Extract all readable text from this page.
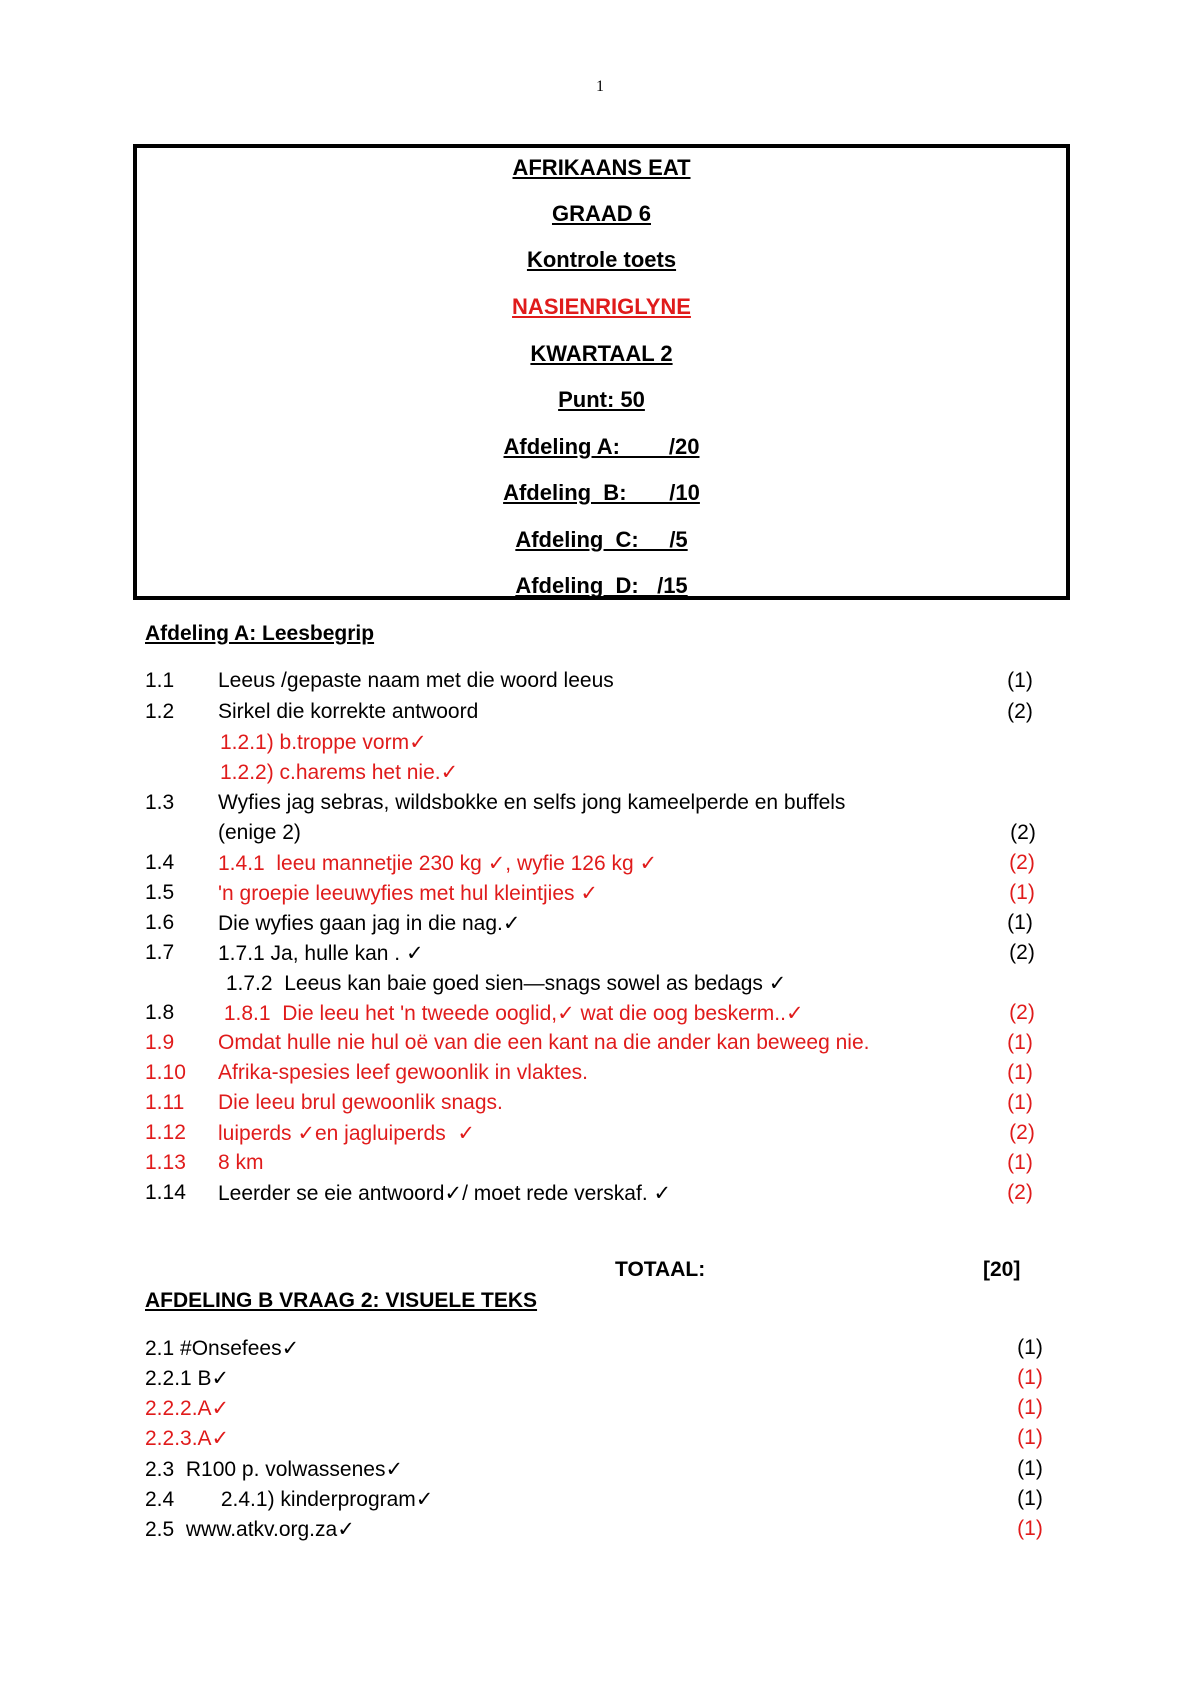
1
AFRIKAANS EAT
GRAAD 6
Kontrole toets
NASIENRIGLYNE
KWARTAAL 2
Punt: 50
Afdeling A:        /20
Afdeling  B:       /10
Afdeling  C:     /5
Afdeling  D:   /15
Afdeling A: Leesbegrip
1.1 Leeus /gepaste naam met die woord leeus	(1)
1.2 Sirkel die korrekte antwoord	(2)
1.2.1) b.troppe vorm✓
1.2.2) c.harems het nie.✓
1.3 Wyfies jag sebras, wildsbokke en selfs jong kameelperde en buffels
(enige 2)	(2)
1.4 1.4.1  leeu mannetjie 230 kg ✓, wyfie 126 kg ✓	(2)
1.5 'n groepie leeuwyfies met hul kleintjies ✓	(1)
1.6 Die wyfies gaan jag in die nag.✓	(1)
1.7 1.7.1 Ja, hulle kan . ✓	(2)
1.7.2  Leeus kan baie goed sien—snags sowel as bedags ✓
1.8 1.8.1  Die leeu het 'n tweede ooglid,✓ wat die oog beskerm..✓	(2)
1.9 Omdat hulle nie hul oë van die een kant na die ander kan beweeg nie.	(1)
1.10 Afrika-spesies leef gewoonlik in vlaktes.	(1)
1.11 Die leeu brul gewoonlik snags.	(1)
1.12 luiperds ✓en jagluiperds  ✓	(2)
1.13 8 km	(1)
1.14 Leerder se eie antwoord✓/ moet rede verskaf. ✓	(2)
TOTAAL:	[20]
AFDELING B VRAAG 2: VISUELE TEKS
2.1 #Onsefees✓	(1)
2.2.1 B✓	(1)
2.2.2.A✓	(1)
2.2.3.A✓	(1)
2.3  R100 p. volwassenes✓	(1)
2.4        2.4.1) kinderprogram✓	(1)
2.5  www.atkv.org.za✓	(1)
